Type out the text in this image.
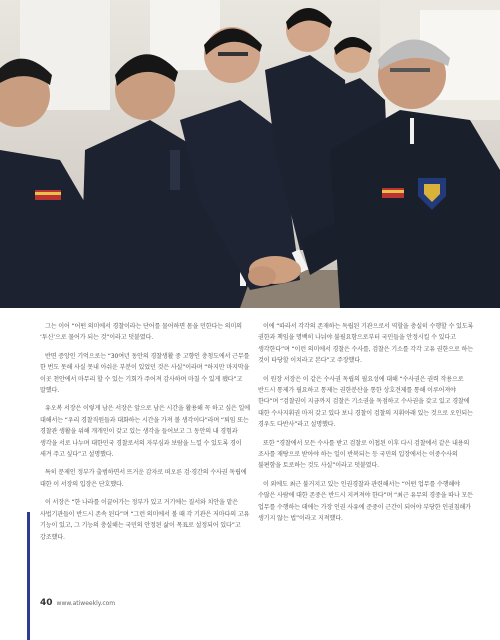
그는 이어 “어떤 의미에서 경찰이라는 단어를 물어하면 몸을 민한다는 의미의 ‘투신’으로 물어가 되는 것”이라고 덧붙였다.

반면 증앙인 기억으로는 “30여년 동안의 경찰생활 중 고향인 충청도에서 근무를 한 번도 못해 사실 못내 아쉬운 부분이 있었던 것은 사실”이라며 “하지만 마지막을 이곳 천안에서 마무리 할 수 있는 기회가 주어져 감사하며 마칠 수 있게 됐다”고 말했다.

유오복 서장은 이렇게 남은 서장은 앞으로 남은 시간을 활용해 꼭 하고 싶은 일에 대해서는 “우리 경찰직원들과 대화하는 시간을 가져 볼 생각이다”라며 “퇴임 또는 경찰관 생활을 위해 개개인이 갖고 있는 생각을 들어보고 그 동안의 내 경험과 생각을 서로 나누며 대한민국 경찰로서의 자부심과 보람을 느낄 수 있도록 경이 새겨 주고 싶다”고 설명했다.

특히 문제인 정부가 출범하면서 뜨거운 감자로 떠오른 검·경간의 수사권 독립에 대한 이 서장의 입장은 단호했다.

이 서장은 “한 나라를 이끌어가는 정부가 있고 거기에는 질서와 치안을 맡은 사법기관들이 반드시 존속 된다”며 “그런 의미에서 볼 때 각 기관은 저마다의 고유 기능이 있고, 그 기능의 충실해는 국민의 안정된 삶이 목표로 설정되어 있다”고 강조했다.

이에 “따라서 각각의 존재하는 독립된 기관으로서 역할을 충실히 수행할 수 있도록 권한과 책임을 명백히 나눠야 불필요함으로부터 국민들을 안정시킬 수 있다고 생각한다”며 “이런 의미에서 경찰은 수사를, 검찰은 기소를 각각 고유 권한으로 하는 것이 타당할 이치라고 본다”고 주장했다.

이 원장 서장은 이 같은 수사권 독립의 필요성에 대해 “수사권은 권력 작용으로 반드시 통제가 필요하고 통제는 권한분산을 통한 상호견제를 통해 이루어져야 한다”며 “검찰권이 지금까지 검찰은 기소권을 독점하고 수사권을 갖고 있고 경찰에 대한 수사지휘권 마저 갖고 있다 보니 경찰이 검찰의 지휘아래 있는 것으로 오인되는 경우도 다반사”라고 설명했다.

또한 “경찰에서 모든 수사를 받고 검찰로 이첩된 이후 다시 검찰에서 같은 내용의 조사를 재탕으로 받아야 하는 일이 반복되는 등 국민의 입장에서는 이중수사의 불편함을 토로하는 것도 사실”이라고 덧붙였다.

이 외에도 최근 불거지고 있는 인권경찰과 관련해서는 “어떤 업무를 수행해야 수많은 사람에 대한 존중은 반드시 지켜져야 한다”며 “최근 유무의 경중을 따나 모든 업무를 수행하는 데에는 가장 인권 사유에 준중이 근간이 되어야 부당한 인권침해가 생기지 않는 법”이라고 지적했다.

40 www.atiweekly.com
